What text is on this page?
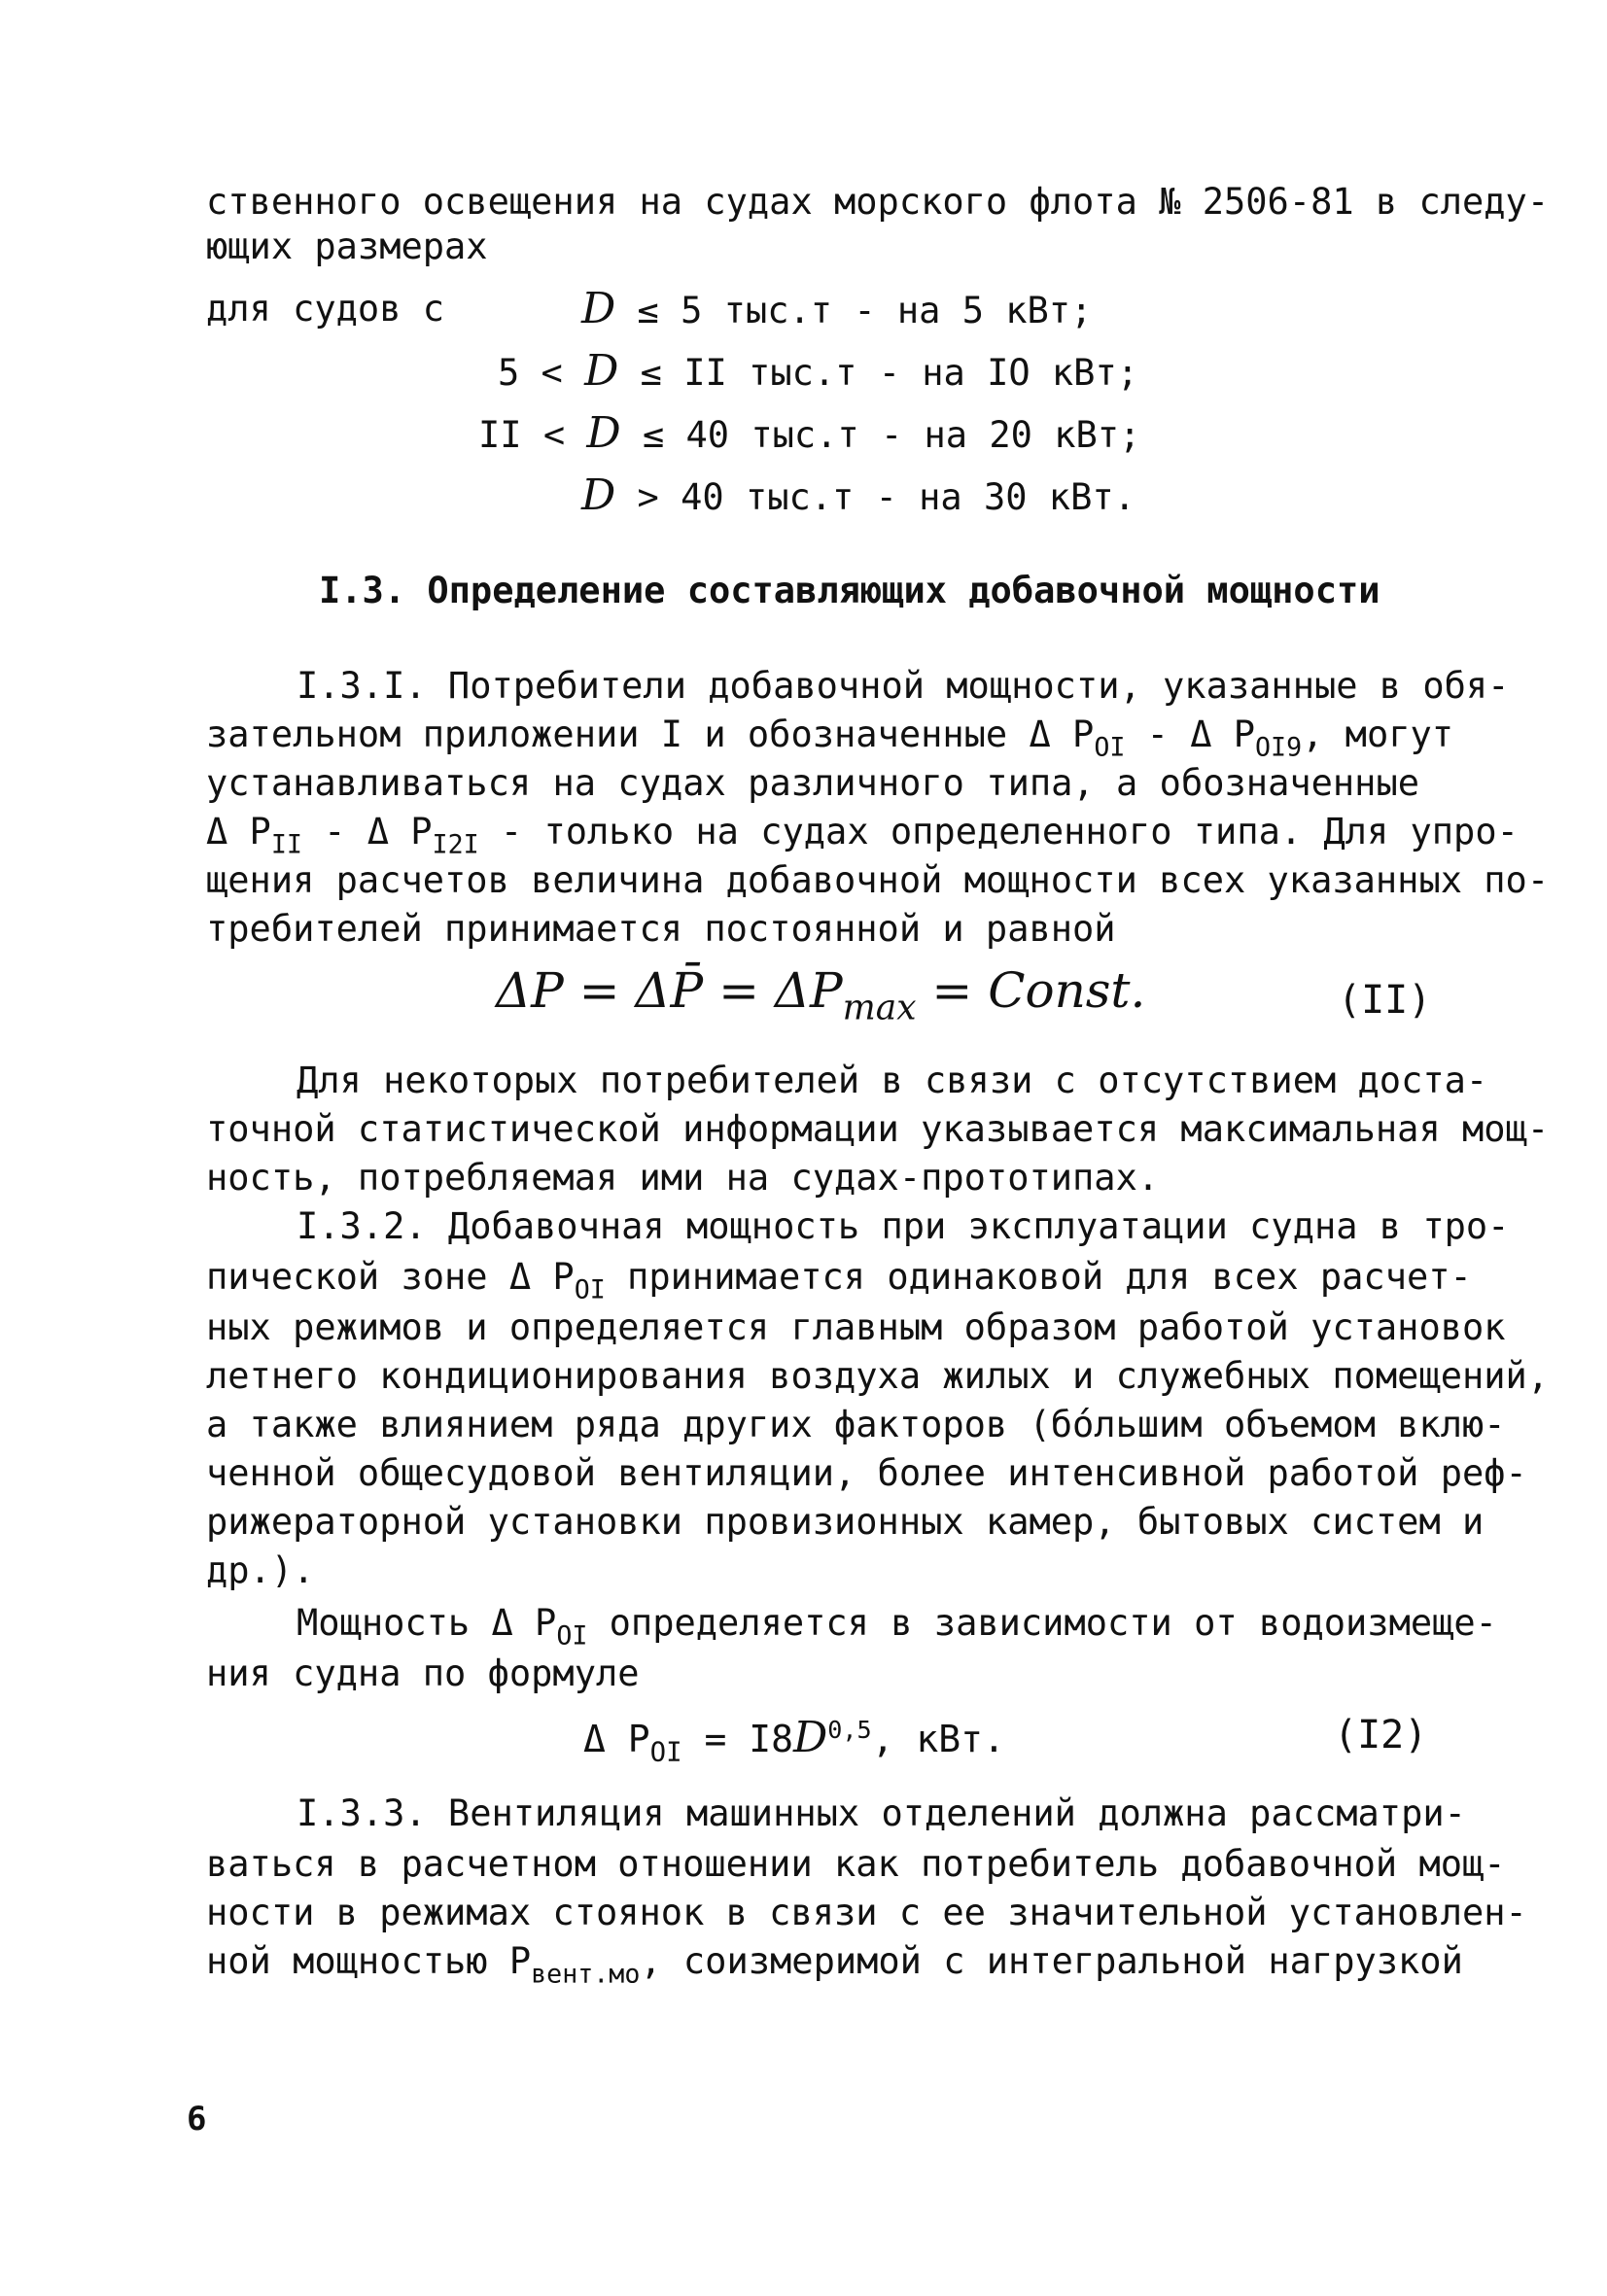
ственного освещения на судах морского флота № 2506-81 в следу-
ющих размерах
для судов с	D ≤ 5 тыс.т - на 5 кВт;
5 < D ≤ II тыс.т - на IO кВт;
II < D ≤ 40 тыс.т - на 20 кВт;
D > 40 тыс.т - на 30 кВт.
I.3. Определение составляющих добавочной мощности
I.3.I. Потребители добавочной мощности, указанные в обя-
зательном приложении I и обозначенные Δ $P_{OI}$ - Δ $P_{OI9}$, могут
устанавливаться на судах различного типа, а обозначенные
Δ $P_{II}$ - Δ $P_{I2I}$ - только на судах определенного типа. Для упро-
щения расчетов величина добавочной мощности всех указанных по-
требителей принимается постоянной и равной
ΔP = ΔP̄ = $\Delta P_{max}$ = Const.	(II)
Для некоторых потребителей в связи с отсутствием доста-
точной статистической информации указывается максимальная мощ-
ность, потребляемая ими на судах-прототипах.
I.3.2. Добавочная мощность при эксплуатации судна в тро-
пической зоне Δ $P_{OI}$ принимается одинаковой для всех расчет-
ных режимов и определяется главным образом работой установок
летнего кондиционирования воздуха жилых и служебных помещений,
а также влиянием ряда других факторов (бóльшим объемом вклю-
ченной общесудовой вентиляции, более интенсивной работой реф-
рижераторной установки провизионных камер, бытовых систем и
др.).
Мощность Δ $P_{OI}$ определяется в зависимости от водоизмеще-
ния судна по формуле
Δ $P_{OI} = I8D^{0,5}$, кВт.	(I2)
I.3.3. Вентиляция машинных отделений должна рассматри-
ваться в расчетном отношении как потребитель добавочной мощ-
ности в режимах стоянок в связи с ее значительной установлен-
ной мощностью $Р_{вент.мо}$, соизмеримой с интегральной нагрузкой
6
